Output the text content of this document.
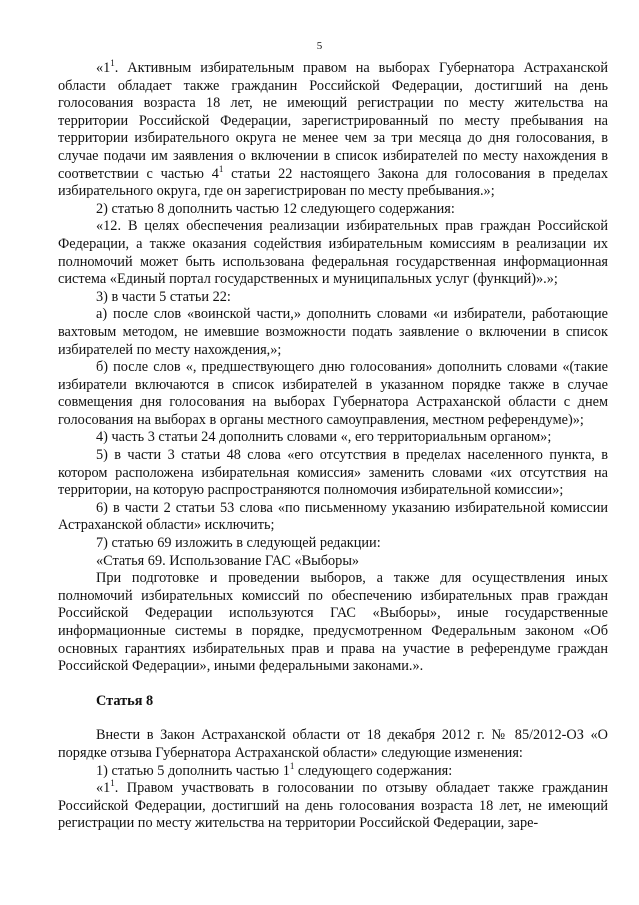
5

«$1^1$. Активным избирательным правом на выборах Губернатора Астраханской области обладает также гражданин Российской Федерации, достигший на день голосования возраста 18 лет, не имеющий регистрации по месту жительства на территории Российской Федерации, зарегистрированный по месту пребывания на территории избирательного округа не менее чем за три месяца до дня голосования, в случае подачи им заявления о включении в список избирателей по месту нахождения в соответствии с частью $4^1$ статьи 22 настоящего Закона для голосования в пределах избирательного округа, где он зарегистрирован по месту пребывания.»;

2) статью 8 дополнить частью 12 следующего содержания:

«12. В целях обеспечения реализации избирательных прав граждан Российской Федерации, а также оказания содействия избирательным комиссиям в реализации их полномочий может быть использована федеральная государственная информационная система «Единый портал государственных и муниципальных услуг (функций)».»;

3) в части 5 статьи 22:

а) после слов «воинской части,» дополнить словами «и избиратели, работающие вахтовым методом, не имевшие возможности подать заявление о включении в список избирателей по месту нахождения,»;

б) после слов «, предшествующего дню голосования» дополнить словами «(такие избиратели включаются в список избирателей в указанном порядке также в случае совмещения дня голосования на выборах Губернатора Астраханской области с днем голосования на выборах в органы местного самоуправления, местном референдуме)»;

4) часть 3 статьи 24 дополнить словами «, его территориальным органом»;

5) в части 3 статьи 48 слова «его отсутствия в пределах населенного пункта, в котором расположена избирательная комиссия» заменить словами «их отсутствия на территории, на которую распространяются полномочия избирательной комиссии»;

6) в части 2 статьи 53 слова «по письменному указанию избирательной комиссии Астраханской области» исключить;

7) статью 69 изложить в следующей редакции:

«Статья 69. Использование ГАС «Выборы»

При подготовке и проведении выборов, а также для осуществления иных полномочий избирательных комиссий по обеспечению избирательных прав граждан Российской Федерации используются ГАС «Выборы», иные государственные информационные системы в порядке, предусмотренном Федеральным законом «Об основных гарантиях избирательных прав и права на участие в референдуме граждан Российской Федерации», иными федеральными законами.».

Статья 8

Внести в Закон Астраханской области от 18 декабря 2012 г. № 85/2012-ОЗ «О порядке отзыва Губернатора Астраханской области» следующие изменения:

1) статью 5 дополнить частью $1^1$ следующего содержания:

«$1^1$. Правом участвовать в голосовании по отзыву обладает также гражданин Российской Федерации, достигший на день голосования возраста 18 лет, не имеющий регистрации по месту жительства на территории Российской Федерации, заре-
